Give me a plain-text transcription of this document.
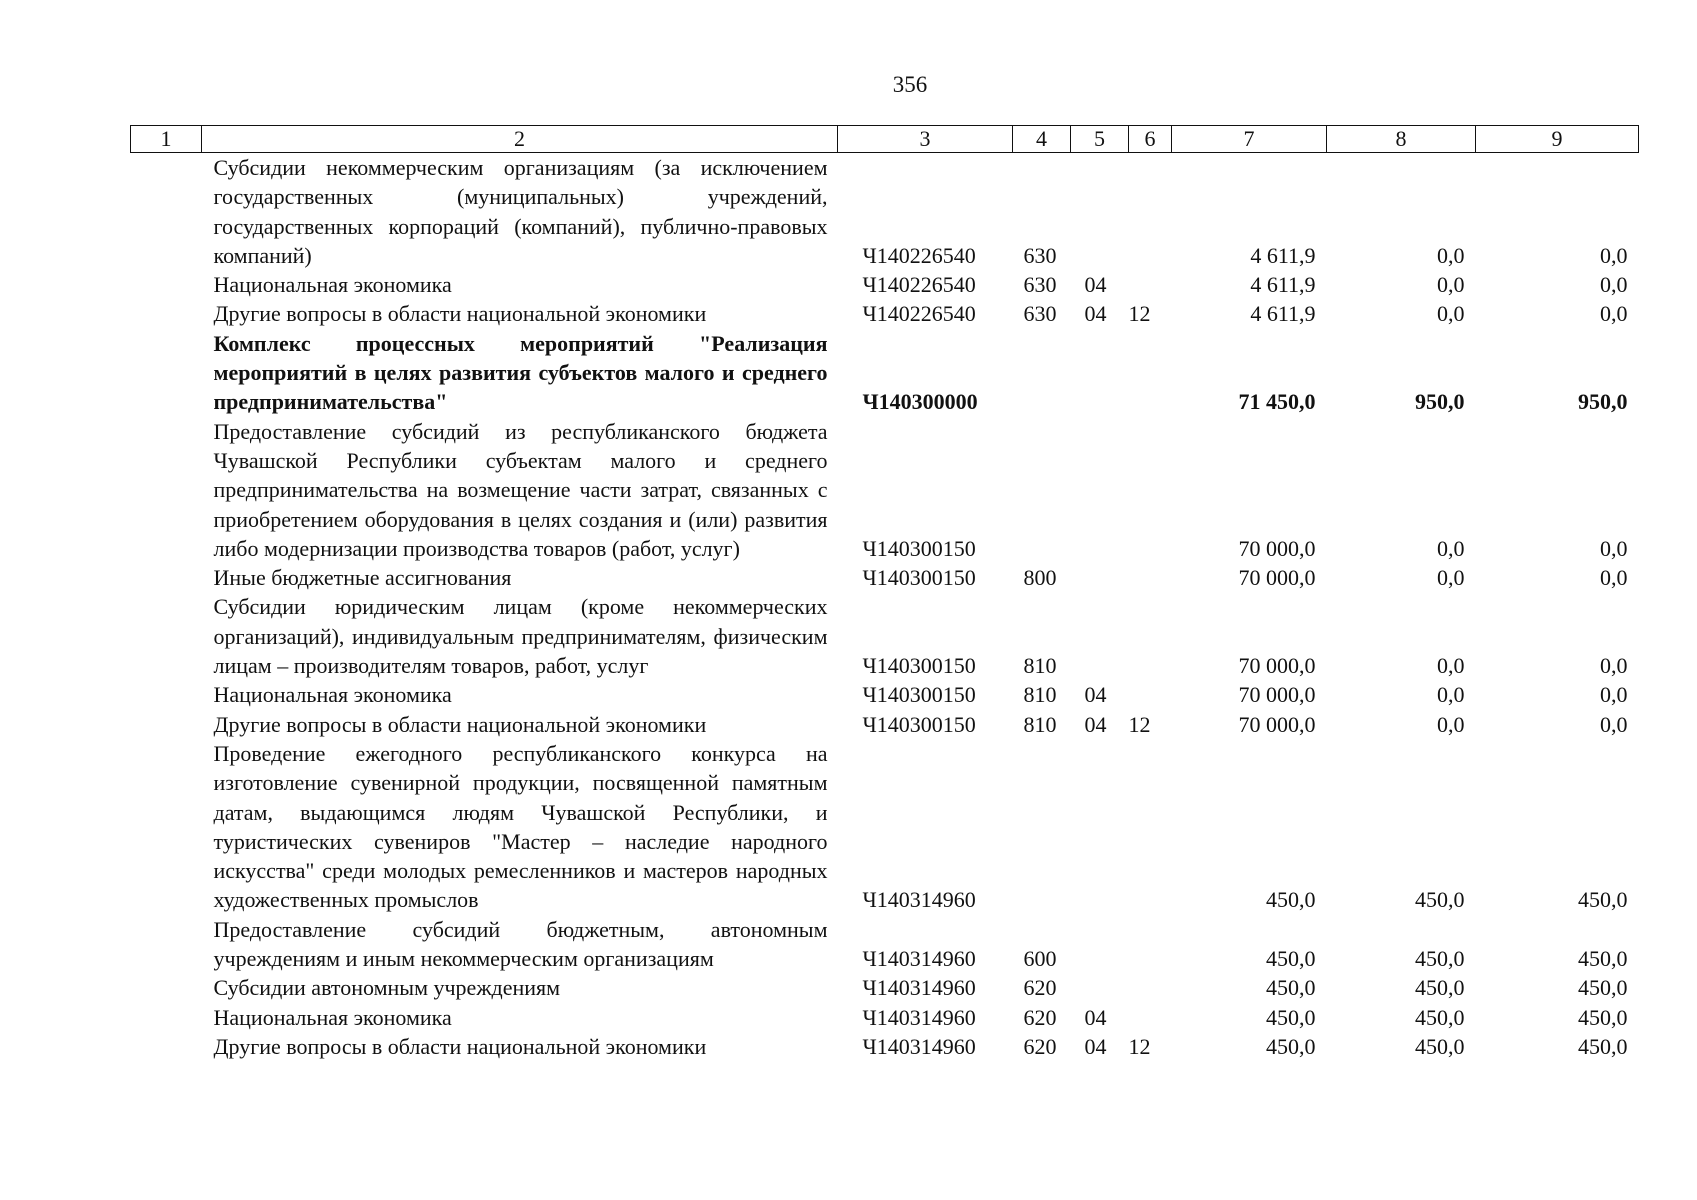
356
1	2	3	4	5	6	7	8	9
	Субсидии некоммерческим организациям (за исключением государственных (муниципальных) учреждений, государственных корпораций (компаний), публично-правовых компаний)	Ч140226540	630			4 611,9	0,0	0,0
	Национальная экономика	Ч140226540	630	04		4 611,9	0,0	0,0
	Другие вопросы в области национальной экономики	Ч140226540	630	04	12	4 611,9	0,0	0,0
	Комплекс процессных мероприятий "Реализация мероприятий в целях развития субъектов малого и среднего предпринимательства"	Ч140300000				71 450,0	950,0	950,0
	Предоставление субсидий из республиканского бюджета Чувашской Республики субъектам малого и среднего предпринимательства на возмещение части затрат, связанных с приобретением оборудования в целях создания и (или) развития либо модернизации производства товаров (работ, услуг)	Ч140300150				70 000,0	0,0	0,0
	Иные бюджетные ассигнования	Ч140300150	800			70 000,0	0,0	0,0
	Субсидии юридическим лицам (кроме некоммерческих организаций), индивидуальным предпринимателям, физическим лицам – производителям товаров, работ, услуг	Ч140300150	810			70 000,0	0,0	0,0
	Национальная экономика	Ч140300150	810	04		70 000,0	0,0	0,0
	Другие вопросы в области национальной экономики	Ч140300150	810	04	12	70 000,0	0,0	0,0
	Проведение ежегодного республиканского конкурса на изготовление сувенирной продукции, посвященной памятным датам, выдающимся людям Чувашской Республики, и туристических сувениров "Мастер – наследие народного искусства" среди молодых ремесленников и мастеров народных художественных промыслов	Ч140314960				450,0	450,0	450,0
	Предоставление субсидий бюджетным, автономным учреждениям и иным некоммерческим организациям	Ч140314960	600			450,0	450,0	450,0
	Субсидии автономным учреждениям	Ч140314960	620			450,0	450,0	450,0
	Национальная экономика	Ч140314960	620	04		450,0	450,0	450,0
	Другие вопросы в области национальной экономики	Ч140314960	620	04	12	450,0	450,0	450,0
